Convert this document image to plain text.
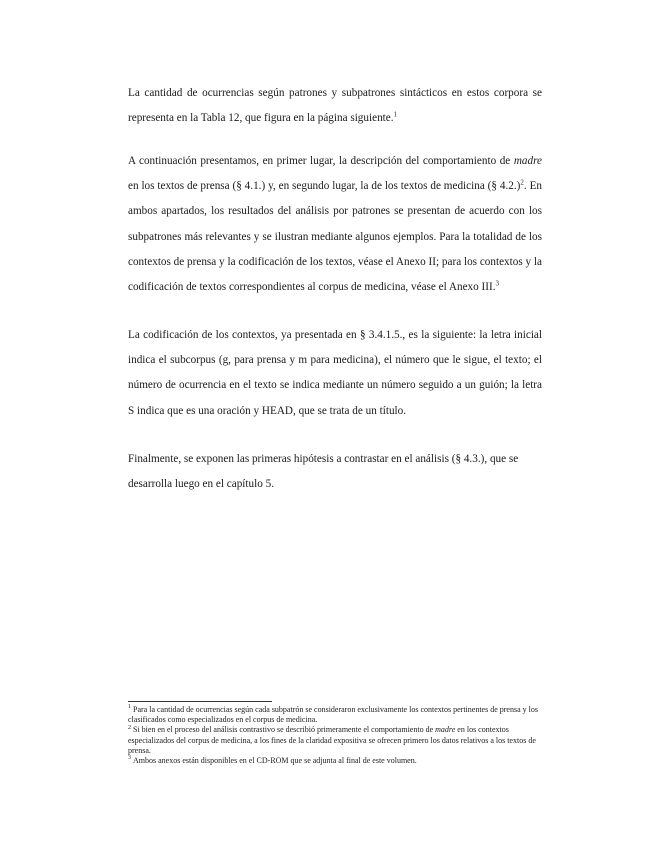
La cantidad de ocurrencias según patrones y subpatrones sintácticos en estos corpora se representa en la Tabla 12, que figura en la página siguiente.$^1$

A continuación presentamos, en primer lugar, la descripción del comportamiento de madre en los textos de prensa (§ 4.1.) y, en segundo lugar, la de los textos de medicina (§ 4.2.)$^2$. En ambos apartados, los resultados del análisis por patrones se presentan de acuerdo con los subpatrones más relevantes y se ilustran mediante algunos ejemplos. Para la totalidad de los contextos de prensa y la codificación de los textos, véase el Anexo II; para los contextos y la codificación de textos correspondientes al corpus de medicina, véase el Anexo III.$^3$

La codificación de los contextos, ya presentada en § 3.4.1.5., es la siguiente: la letra inicial indica el subcorpus (g, para prensa y m para medicina), el número que le sigue, el texto; el número de ocurrencia en el texto se indica mediante un número seguido a un guión; la letra S indica que es una oración y HEAD, que se trata de un título.

Finalmente, se exponen las primeras hipótesis a contrastar en el análisis (§ 4.3.), que se desarrolla luego en el capítulo 5.

$^1$ Para la cantidad de ocurrencias según cada subpatrón se consideraron exclusivamente los contextos pertinentes de prensa y los clasificados como especializados en el corpus de medicina.

$^2$ Si bien en el proceso del análisis contrastivo se describió primeramente el comportamiento de madre en los contextos especializados del corpus de medicina, a los fines de la claridad expositiva se ofrecen primero los datos relativos a los textos de prensa.

$^3$ Ambos anexos están disponibles en el CD-ROM que se adjunta al final de este volumen.
